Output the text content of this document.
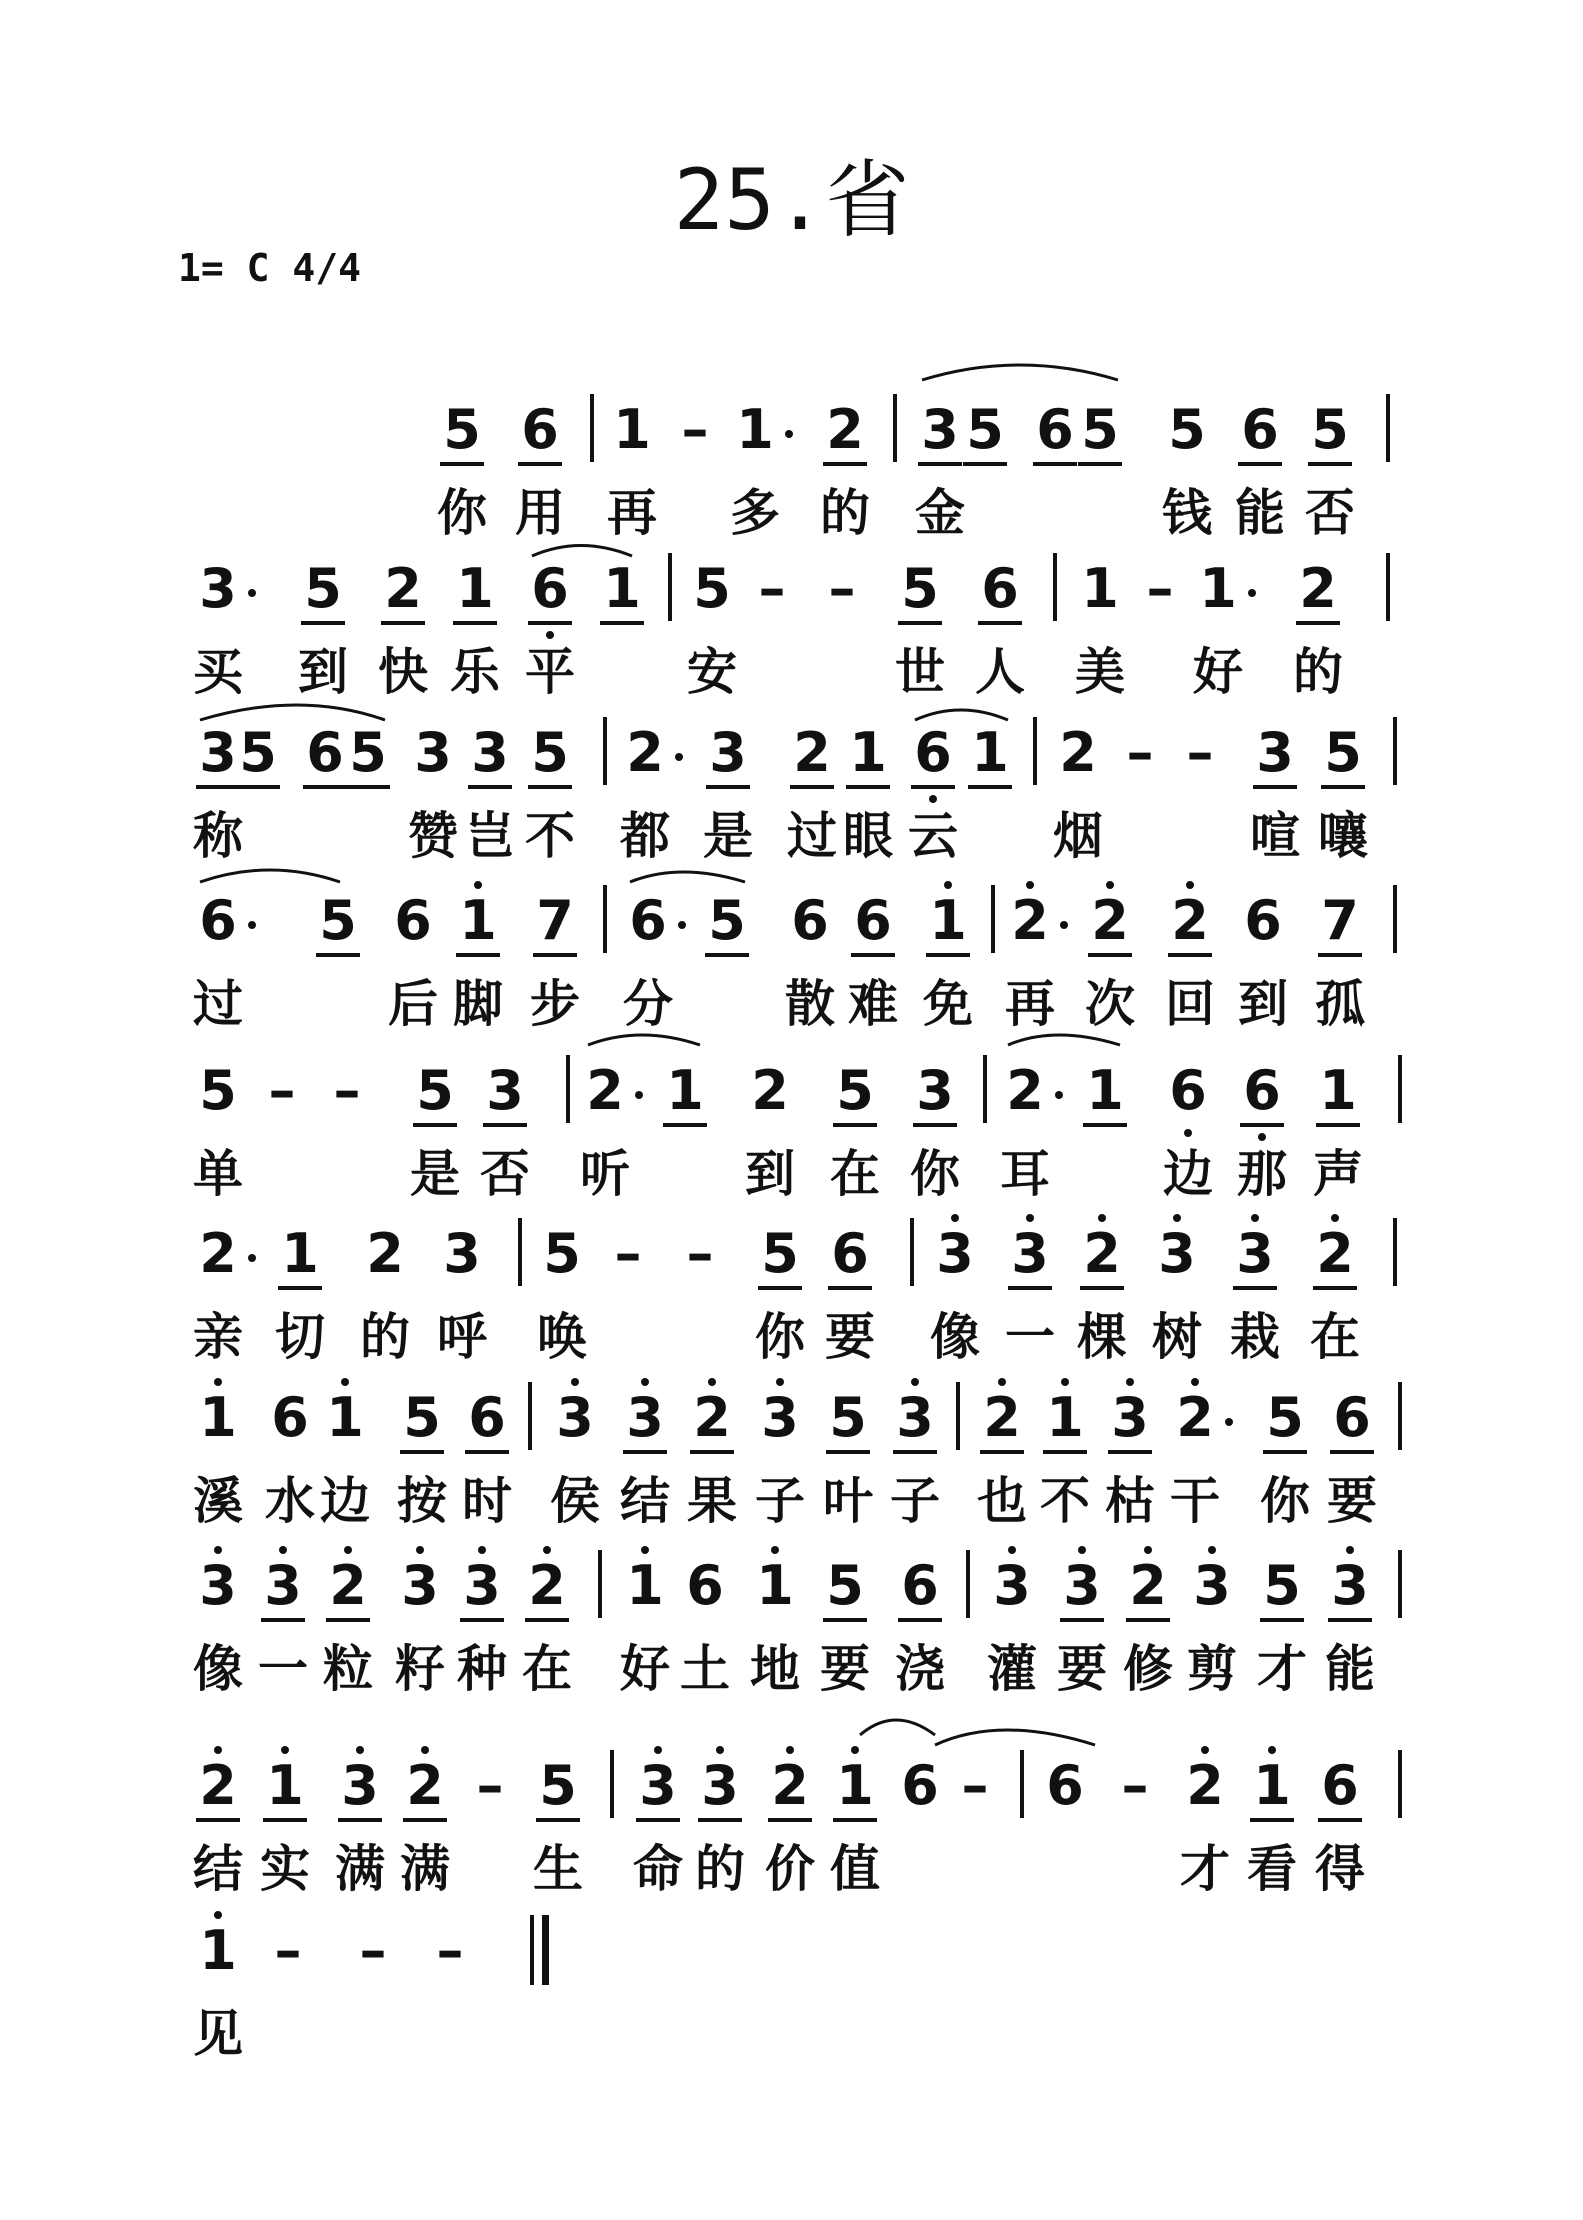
25.省
1= C 4/4
5 6 1 – 1 2 3 5 6 5 5 6 5
你 用 再 多 的 金	钱 能 否
3 5 2 1 6 1 5 – – 5 6 1 – 1 2
买 到 快 乐 平 安	世 人 美 好 的
3 5 6 5 3 3 5 2 3 2 1 6 1 2 – – 3 5
称	赞 岂 不 都 是 过 眼 云 烟	喧 嚷
6 5 6 1 7 6 5 6 6 1 2 2 2 6 7
过	后 脚 步 分 散 难 免 再 次 回 到 孤
5 – – 5 3 2 1 2 5 3 2 1 6 6 1
单	是 否 听 到 在 你 耳 边 那 声
2 1 2 3 5 – – 5 6 3 3 2 3 3 2
亲 切 的 呼 唤	你 要 像 一 棵 树 栽 在
1 6 1 5 6 3 3 2 3 5 3 2 1 3 2 5 6
溪 水 边 按 时 侯 结 果 子 叶 子 也 不 枯 干 你 要
3 3 2 3 3 2 1 6 1 5 6 3 3 2 3 5 3
像 一 粒 籽 种 在 好 土 地 要 浇 灌 要 修 剪 才 能
2 1 3 2 – 5 3 3 2 1 6 – 6 – 2 1 6
结 实 满 满 生 命 的 价 值	才 看 得
1 – – –
见
